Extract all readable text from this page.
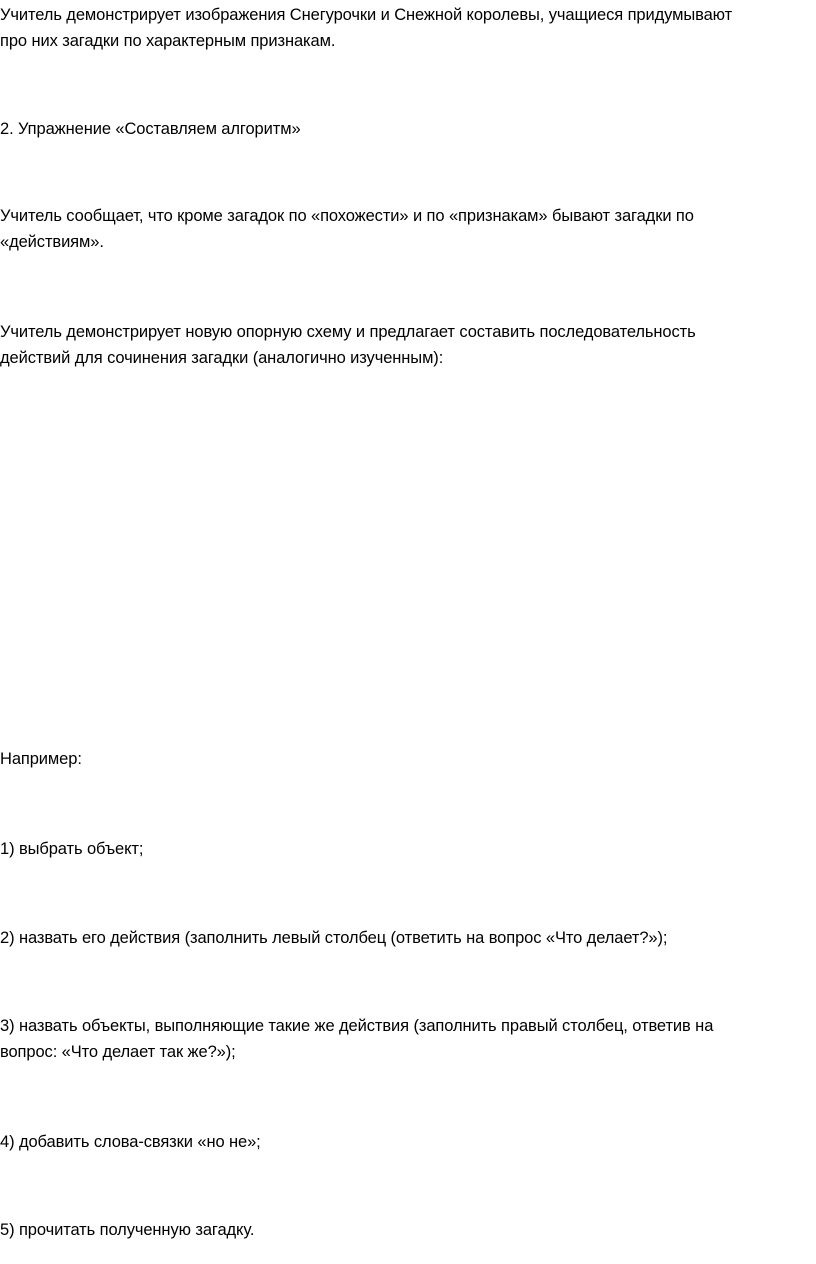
Учитель демонстрирует изображения Снегурочки и Снежной королевы, учащиеся придумывают
про них загадки по характерным признакам.

2. Упражнение «Составляем алгоритм»

Учитель сообщает, что кроме загадок по «похожести» и по «признакам» бывают загадки по
«действиям».

Учитель демонстрирует новую опорную схему и предлагает составить последовательность
действий для сочинения загадки (аналогично изученным):

Например:

1) выбрать объект;

2) назвать его действия (заполнить левый столбец (ответить на вопрос «Что делает?»);

3) назвать объекты, выполняющие такие же действия (заполнить правый столбец, ответив на
вопрос: «Что делает так же?»);

4) добавить слова-связки «но не»;

5) прочитать полученную загадку.
